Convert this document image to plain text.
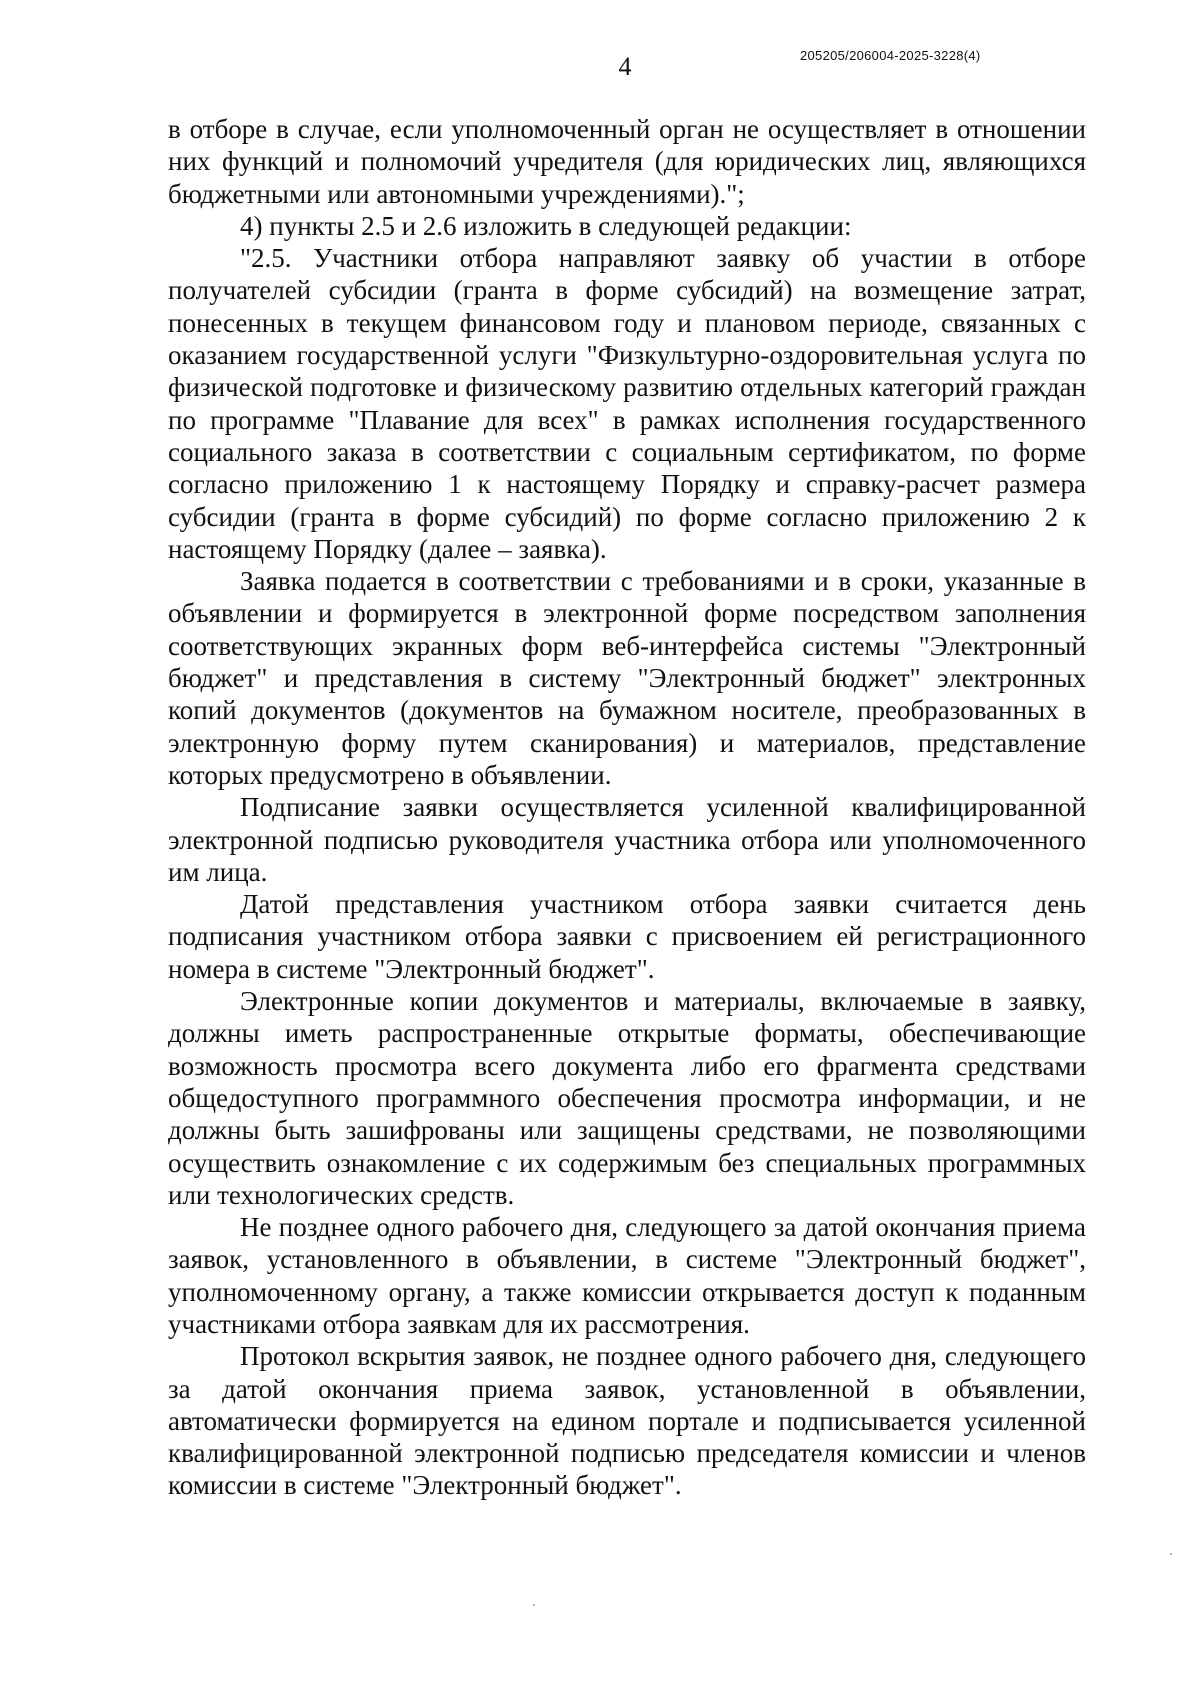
4	205205/206004-2025-3228(4)

в отборе в случае, если уполномоченный орган не осуществляет в отношении них функций и полномочий учредителя (для юридических лиц, являющихся бюджетными или автономными учреждениями).";

4) пункты 2.5 и 2.6 изложить в следующей редакции:

"2.5. Участники отбора направляют заявку об участии в отборе получателей субсидии (гранта в форме субсидий) на возмещение затрат, понесенных в текущем финансовом году и плановом периоде, связанных с оказанием государственной услуги "Физкультурно-оздоровительная услуга по физической подготовке и физическому развитию отдельных категорий граждан по программе "Плавание для всех" в рамках исполнения государственного социального заказа в соответствии с социальным сертификатом, по форме согласно приложению 1 к настоящему Порядку и справку-расчет размера субсидии (гранта в форме субсидий) по форме согласно приложению 2 к настоящему Порядку (далее – заявка).

Заявка подается в соответствии с требованиями и в сроки, указанные в объявлении и формируется в электронной форме посредством заполнения соответствующих экранных форм веб-интерфейса системы "Электронный бюджет" и представления в систему "Электронный бюджет" электронных копий документов (документов на бумажном носителе, преобразованных в электронную форму путем сканирования) и материалов, представление которых предусмотрено в объявлении.

Подписание заявки осуществляется усиленной квалифицированной электронной подписью руководителя участника отбора или уполномоченного им лица.

Датой представления участником отбора заявки считается день подписания участником отбора заявки с присвоением ей регистрационного номера в системе "Электронный бюджет".

Электронные копии документов и материалы, включаемые в заявку, должны иметь распространенные открытые форматы, обеспечивающие возможность просмотра всего документа либо его фрагмента средствами общедоступного программного обеспечения просмотра информации, и не должны быть зашифрованы или защищены средствами, не позволяющими осуществить ознакомление с их содержимым без специальных программных или технологических средств.

Не позднее одного рабочего дня, следующего за датой окончания приема заявок, установленного в объявлении, в системе "Электронный бюджет", уполномоченному органу, а также комиссии открывается доступ к поданным участниками отбора заявкам для их рассмотрения.

Протокол вскрытия заявок, не позднее одного рабочего дня, следующего за датой окончания приема заявок, установленной в объявлении, автоматически формируется на едином портале и подписывается усиленной квалифицированной электронной подписью председателя комиссии и членов комиссии в системе "Электронный бюджет".
